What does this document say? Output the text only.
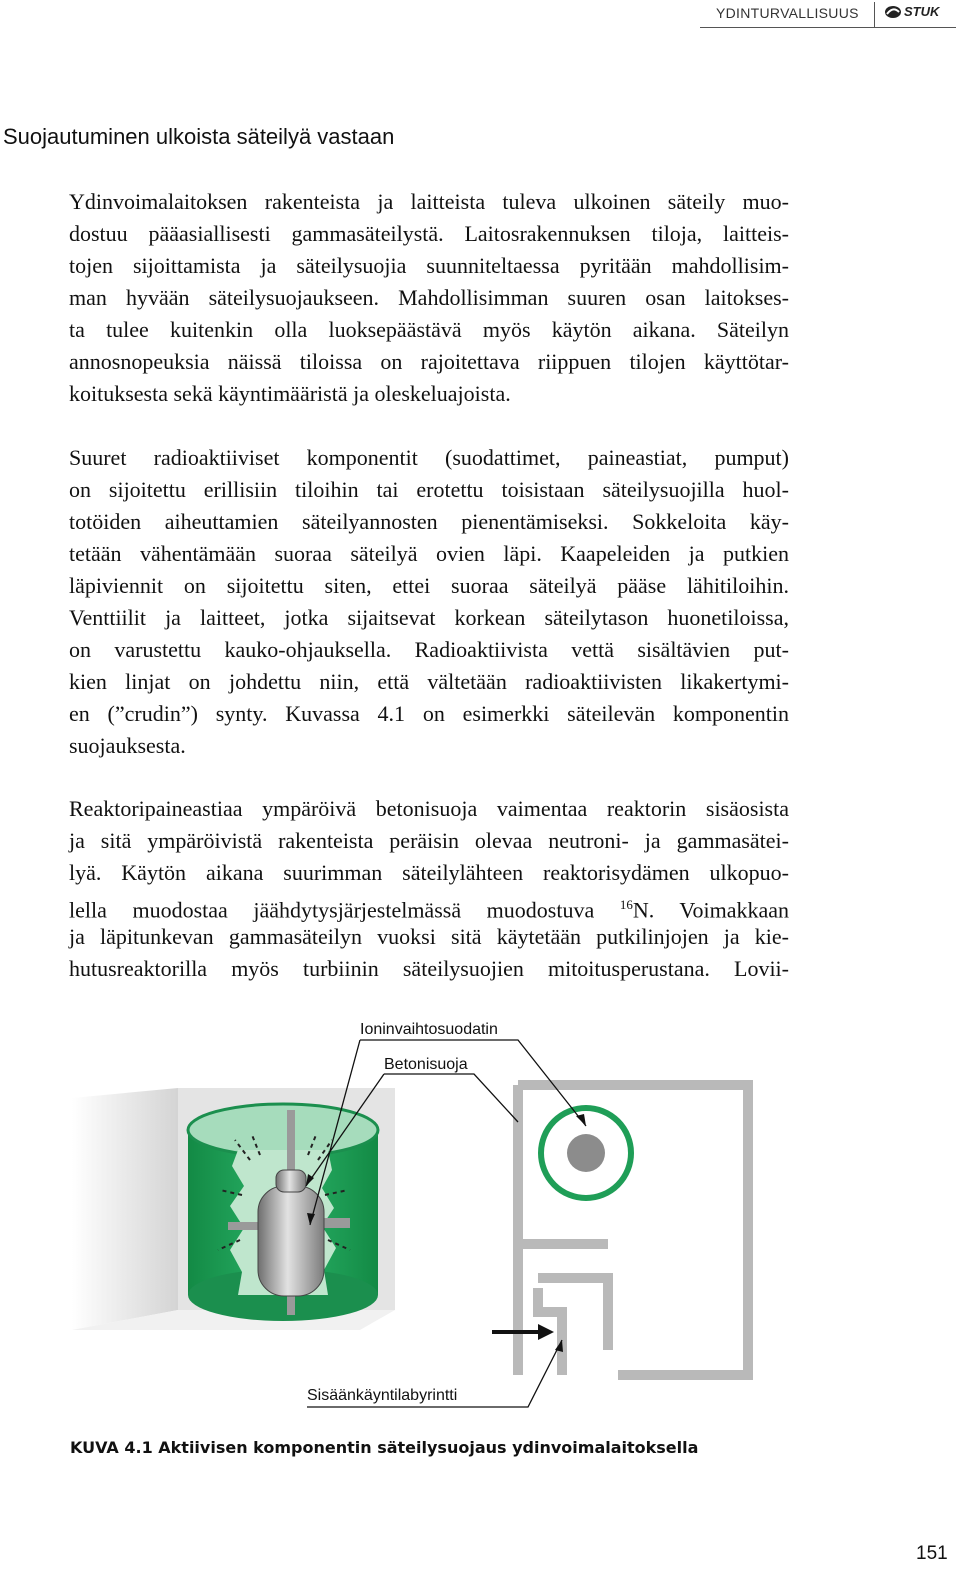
YDINTURVALLISUUS	STUK
Suojautuminen ulkoista säteilyä vastaan
Ydinvoimalaitoksen rakenteista ja laitteista tuleva ulkoinen säteily muo-
dostuu pääasiallisesti gammasäteilystä. Laitosrakennuksen tiloja, laitteis-
tojen sijoittamista ja säteilysuojia suunniteltaessa pyritään mahdollisim-
man hyvään säteilysuojaukseen. Mahdollisimman suuren osan laitokses-
ta tulee kuitenkin olla luoksepäästävä myös käytön aikana. Säteilyn
annosnopeuksia näissä tiloissa on rajoitettava riippuen tilojen käyttötar-
koituksesta sekä käyntimääristä ja oleskeluajoista.
Suuret radioaktiiviset komponentit (suodattimet, paineastiat, pumput)
on sijoitettu erillisiin tiloihin tai erotettu toisistaan säteilysuojilla huol-
totöiden aiheuttamien säteilyannosten pienentämiseksi. Sokkeloita käy-
tetään vähentämään suoraa säteilyä ovien läpi. Kaapeleiden ja putkien
läpiviennit on sijoitettu siten, ettei suoraa säteilyä pääse lähitiloihin.
Venttiilit ja laitteet, jotka sijaitsevat korkean säteilytason huonetiloissa,
on varustettu kauko-ohjauksella. Radioaktiivista vettä sisältävien put-
kien linjat on johdettu niin, että vältetään radioaktiivisten likakertymi-
en (”crudin”) synty. Kuvassa 4.1 on esimerkki säteilevän komponentin
suojauksesta.
Reaktoripaineastiaa ympäröivä betonisuoja vaimentaa reaktorin sisäosista
ja sitä ympäröivistä rakenteista peräisin olevaa neutroni- ja gammasätei-
lyä. Käytön aikana suurimman säteilylähteen reaktorisydämen ulkopuo-
lella muodostaa jäähdytysjärjestelmässä muodostuva $^{16}$N. Voimakkaan
ja läpitunkevan gammasäteilyn vuoksi sitä käytetään putkilinjojen ja kie-
hutusreaktorilla myös turbiinin säteilysuojien mitoitusperustana. Lovii-
Ioninvaihtosuodatin
Betonisuoja
Sisäänkäyntilabyrintti
KUVA 4.1 Aktiivisen komponentin säteilysuojaus ydinvoimalaitoksella
151
